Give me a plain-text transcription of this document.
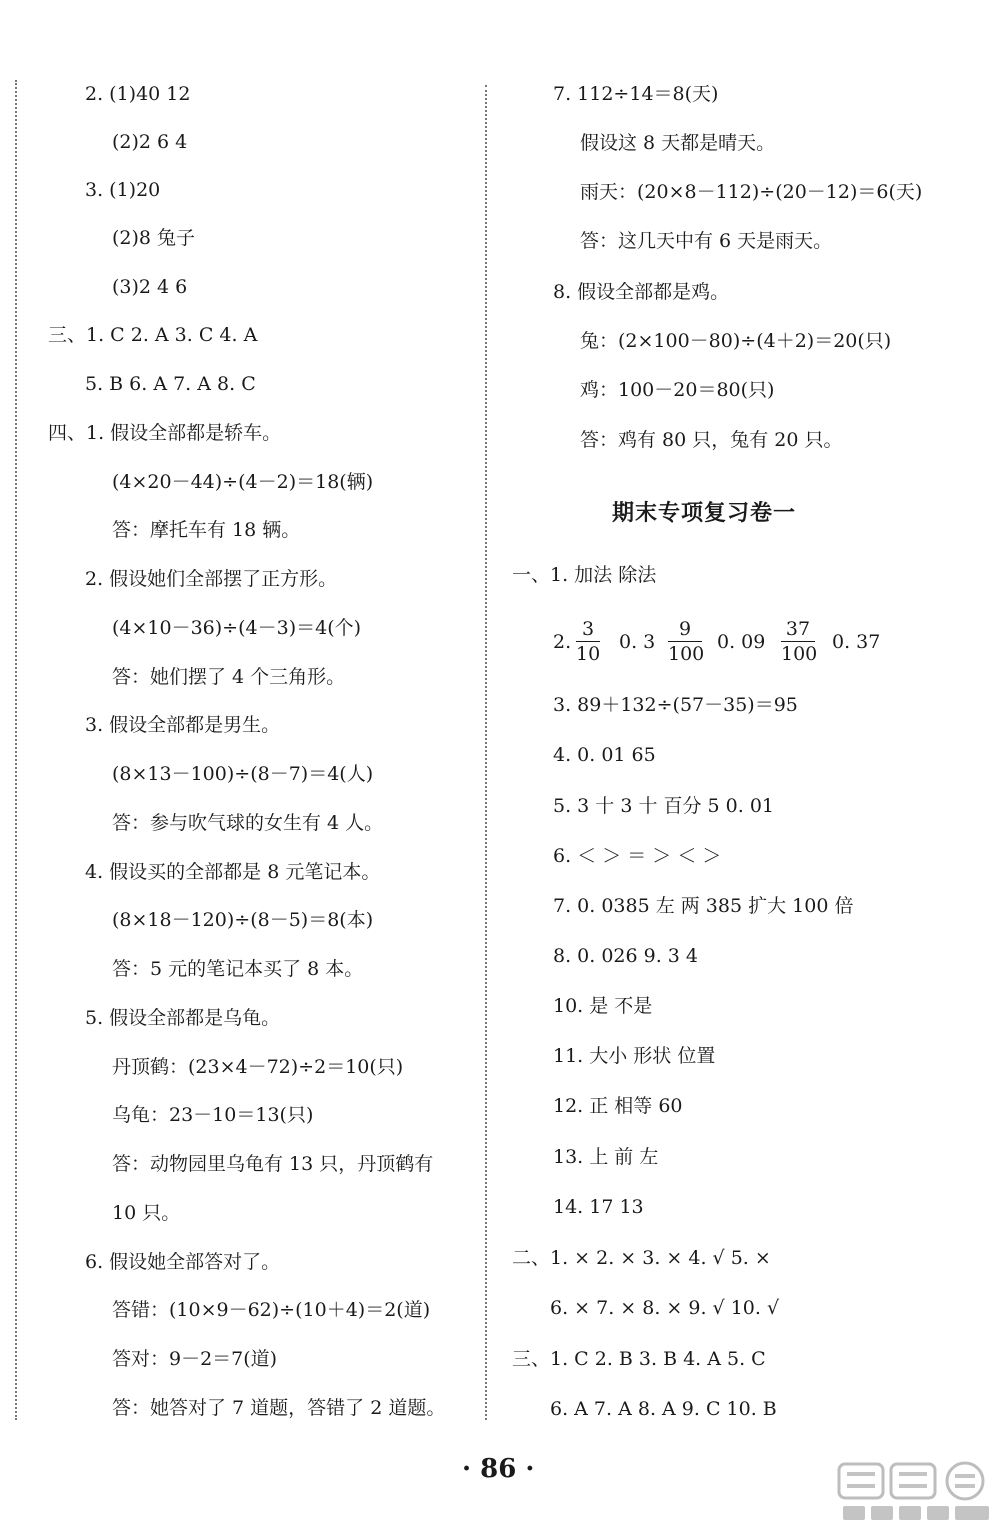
2. (1)40 12
(2)2 6 4
3. (1)20
(2)8 兔子
(3)2 4 6
三、1. C 2. A 3. C 4. A
5. B 6. A 7. A 8. C
四、1. 假设全部都是轿车。
(4×20－44)÷(4－2)＝18(辆)
答：摩托车有 18 辆。
2. 假设她们全部摆了正方形。
(4×10－36)÷(4－3)＝4(个)
答：她们摆了 4 个三角形。
3. 假设全部都是男生。
(8×13－100)÷(8－7)＝4(人)
答：参与吹气球的女生有 4 人。
4. 假设买的全部都是 8 元笔记本。
(8×18－120)÷(8－5)＝8(本)
答：5 元的笔记本买了 8 本。
5. 假设全部都是乌龟。
丹顶鹤：(23×4－72)÷2＝10(只)
乌龟：23－10＝13(只)
答：动物园里乌龟有 13 只，丹顶鹤有
10 只。
6. 假设她全部答对了。
答错：(10×9－62)÷(10＋4)＝2(道)
答对：9－2＝7(道)
答：她答对了 7 道题，答错了 2 道题。
7. 112÷14＝8(天)
假设这 8 天都是晴天。
雨天：(20×8－112)÷(20－12)＝6(天)
答：这几天中有 6 天是雨天。
8. 假设全部都是鸡。
兔：(2×100－80)÷(4＋2)＝20(只)
鸡：100－20＝80(只)
答：鸡有 80 只，兔有 20 只。
期末专项复习卷一
一、1. 加法 除法
2.
3
10
0. 3
9
100
0. 09
37
100
0. 37
3. 89＋132÷(57－35)＝95
4. 0. 01 65
5. 3 十 3 十 百分 5 0. 01
6. ＜ ＞ ＝ ＞ ＜ ＞
7. 0. 0385 左 两 385 扩大 100 倍
8. 0. 026 9. 3 4
10. 是 不是
11. 大小 形状 位置
12. 正 相等 60
13. 上 前 左
14. 17 13
二、1. × 2. × 3. × 4. √ 5. ×
6. × 7. × 8. × 9. √ 10. √
三、1. C 2. B 3. B 4. A 5. C
6. A 7. A 8. A 9. C 10. B
· 86 ·
